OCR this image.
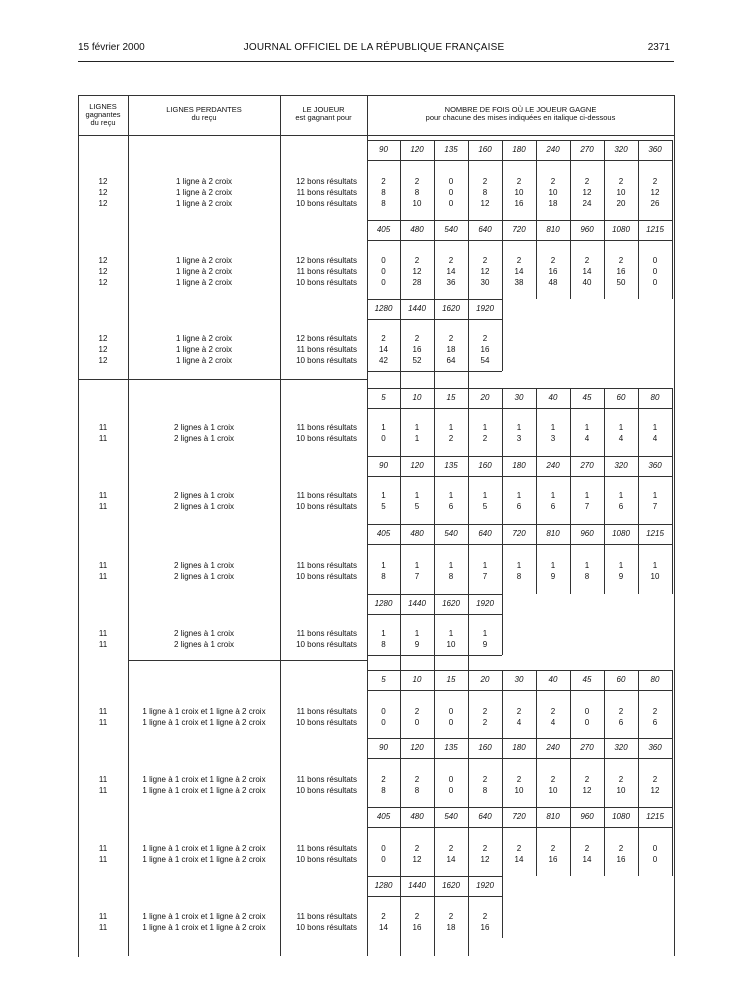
15 février 2000	JOURNAL OFFICIEL DE LA RÉPUBLIQUE FRANÇAISE	2371
LIGNES
gagnantes
du reçu
LIGNES PERDANTES
du reçu
LE JOUEUR
est gagnant pour
NOMBRE DE FOIS OÙ LE JOUEUR GAGNE
pour chacune des mises indiquées en italique ci-dessous
90	120	135	160	180	240	270	320	360
12	1 ligne à 2 croix	12 bons résultats	2	2	0	2	2	2	2	2	2
12	1 ligne à 2 croix	11 bons résultats	8	8	0	8	10	10	12	10	12
12	1 ligne à 2 croix	10 bons résultats	8	10	0	12	16	18	24	20	26
405	480	540	640	720	810	960 1080 1215
12	1 ligne à 2 croix	12 bons résultats	0	2	2	2	2	2	2	2	0
12	1 ligne à 2 croix	11 bons résultats	0	12	14	12	14	16	14	16	0
12	1 ligne à 2 croix	10 bons résultats	0	28	36	30	38	48	40	50	0
1280 1440 1620 1920
12	1 ligne à 2 croix	12 bons résultats	2	2	2	2
12	1 ligne à 2 croix	11 bons résultats	14	16	18	16
12	1 ligne à 2 croix	10 bons résultats	42	52	64	54
5	10	15	20	30	40	45	60	80
11	2 lignes à 1 croix	11 bons résultats	1	1	1	1	1	1	1	1	1
11	2 lignes à 1 croix	10 bons résultats	0	1	2	2	3	3	4	4	4
90	120	135	160	180	240	270	320	360
11	2 lignes à 1 croix	11 bons résultats	1	1	1	1	1	1	1	1	1
11	2 lignes à 1 croix	10 bons résultats	5	5	6	5	6	6	7	6	7
405	480	540	640	720	810	960 1080 1215
11	2 lignes à 1 croix	11 bons résultats	1	1	1	1	1	1	1	1	1
11	2 lignes à 1 croix	10 bons résultats	8	7	8	7	8	9	8	9	10
1280 1440 1620 1920
11	2 lignes à 1 croix	11 bons résultats	1	1	1	1
11	2 lignes à 1 croix	10 bons résultats	8	9	10	9
5	10	15	20	30	40	45	60	80
11	1 ligne à 1 croix et 1 ligne à 2 croix	11 bons résultats	0	2	0	2	2	2	0	2	2
11	1 ligne à 1 croix et 1 ligne à 2 croix	10 bons résultats	0	0	0	2	4	4	0	6	6
90	120	135	160	180	240	270	320	360
11	1 ligne à 1 croix et 1 ligne à 2 croix	11 bons résultats	2	2	0	2	2	2	2	2	2
11	1 ligne à 1 croix et 1 ligne à 2 croix	10 bons résultats	8	8	0	8	10	10	12	10	12
405	480	540	640	720	810	960 1080 1215
11	1 ligne à 1 croix et 1 ligne à 2 croix	11 bons résultats	0	2	2	2	2	2	2	2	0
11	1 ligne à 1 croix et 1 ligne à 2 croix	10 bons résultats	0	12	14	12	14	16	14	16	0
1280 1440 1620 1920
11	1 ligne à 1 croix et 1 ligne à 2 croix	11 bons résultats	2	2	2	2
11	1 ligne à 1 croix et 1 ligne à 2 croix	10 bons résultats	14	16	18	16
